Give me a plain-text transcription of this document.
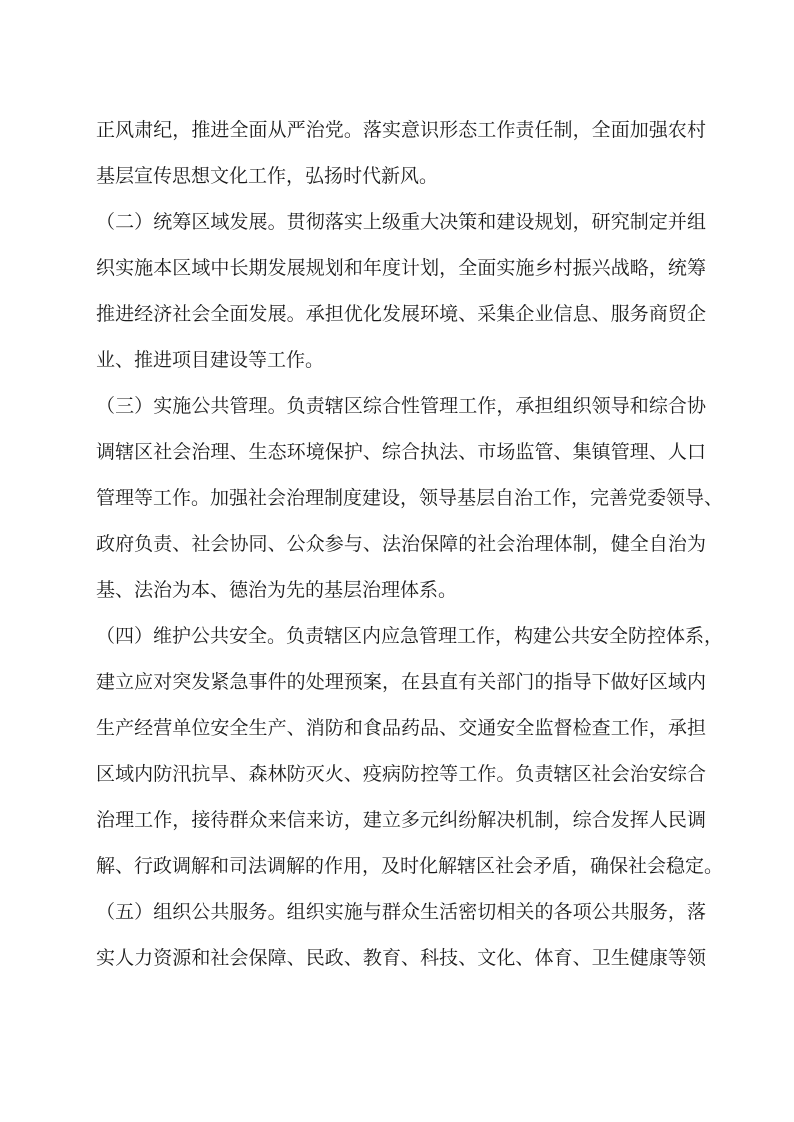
正风肃纪，推进全面从严治党。落实意识形态工作责任制，全面加强农村
基层宣传思想文化工作，弘扬时代新风。
（二）统筹区域发展。贯彻落实上级重大决策和建设规划，研究制定并组
织实施本区域中长期发展规划和年度计划，全面实施乡村振兴战略，统筹
推进经济社会全面发展。承担优化发展环境、采集企业信息、服务商贸企
业、推进项目建设等工作。
（三）实施公共管理。负责辖区综合性管理工作，承担组织领导和综合协
调辖区社会治理、生态环境保护、综合执法、市场监管、集镇管理、人口
管理等工作。加强社会治理制度建设，领导基层自治工作，完善党委领导、
政府负责、社会协同、公众参与、法治保障的社会治理体制，健全自治为
基、法治为本、德治为先的基层治理体系。
（四）维护公共安全。负责辖区内应急管理工作，构建公共安全防控体系，
建立应对突发紧急事件的处理预案，在县直有关部门的指导下做好区域内
生产经营单位安全生产、消防和食品药品、交通安全监督检查工作，承担
区域内防汛抗旱、森林防灭火、疫病防控等工作。负责辖区社会治安综合
治理工作，接待群众来信来访，建立多元纠纷解决机制，综合发挥人民调
解、行政调解和司法调解的作用，及时化解辖区社会矛盾，确保社会稳定。
（五）组织公共服务。组织实施与群众生活密切相关的各项公共服务，落
实人力资源和社会保障、民政、教育、科技、文化、体育、卫生健康等领
